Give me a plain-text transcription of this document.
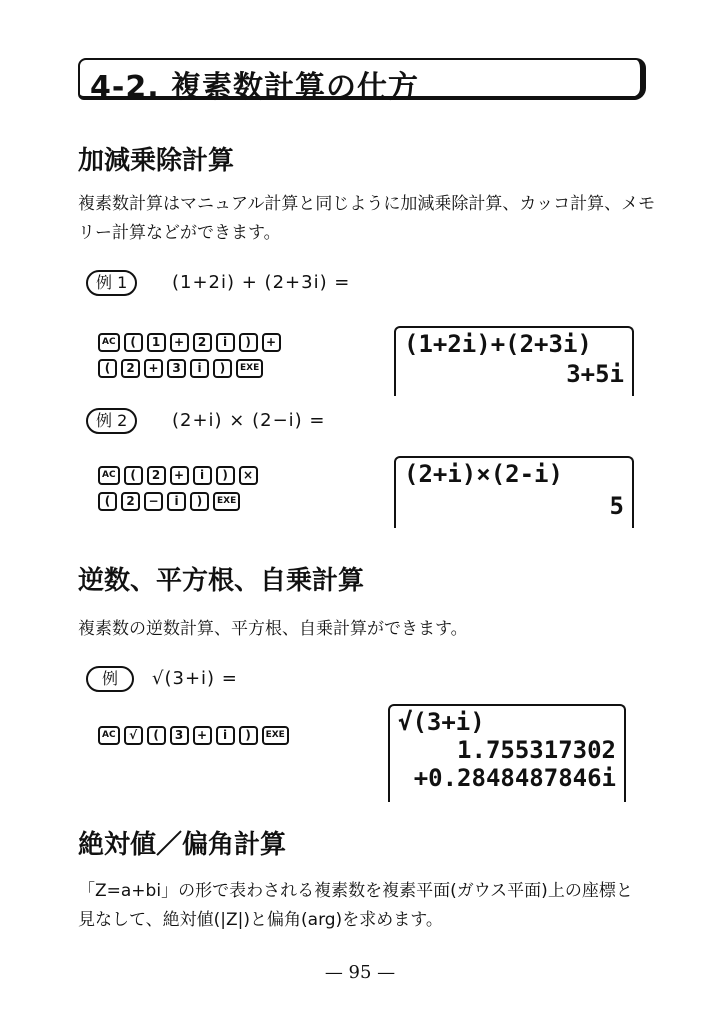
4-2. 複素数計算の仕方
加減乗除計算
複素数計算はマニュアル計算と同じように加減乗除計算、カッコ計算、メモ
リー計算などができます。
例 1	(1+2i) + (2+3i) =
AC	(	1	+	2	i	)	+
(	2	+	3	i	)	EXE
(1+2i)+(2+3i)
3+5i
例 2	(2+i) × (2−i) =
AC	(	2	+	i	)	×
(	2	−	i	)	EXE
(2+i)×(2-i)
5
逆数、平方根、自乗計算
複素数の逆数計算、平方根、自乗計算ができます。
例	√(3+i) =
AC	√	(	3	+	i	)	EXE	√(3+i)
1.755317302
+0.2848487846i
絶対値／偏角計算
「Z=a+bi」の形で表わされる複素数を複素平面(ガウス平面)上の座標と
見なして、絶対値(|Z|)と偏角(arg)を求めます。
— 95 —
